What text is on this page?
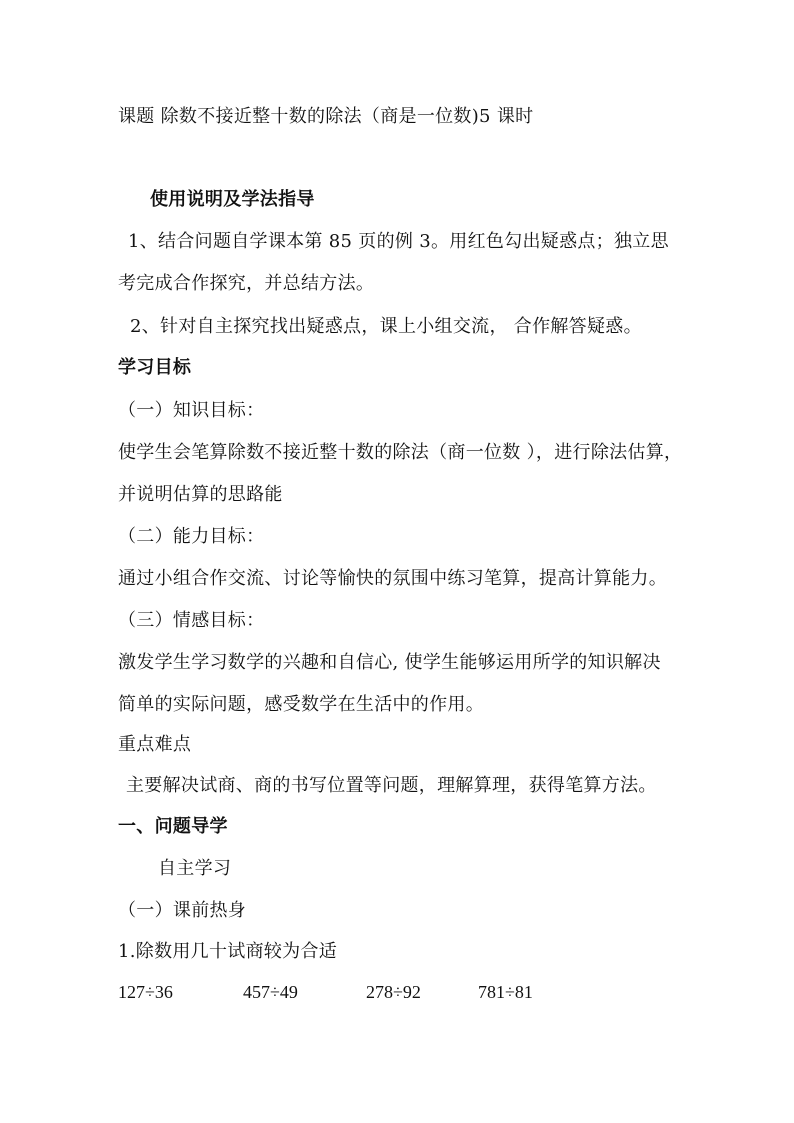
课题 除数不接近整十数的除法（商是一位数)5 课时
使用说明及学法指导
1、结合问题自学课本第 85 页的例 3。用红色勾出疑惑点；独立思
考完成合作探究，并总结方法。
2、针对自主探究找出疑惑点，课上小组交流， 合作解答疑惑。
学习目标
（一）知识目标：
使学生会笔算除数不接近整十数的除法（商一位数 ），进行除法估算，
并说明估算的思路能
（二）能力目标：
通过小组合作交流、讨论等愉快的氛围中练习笔算，提高计算能力。
（三）情感目标：
激发学生学习数学的兴趣和自信心, 使学生能够运用所学的知识解决
简单的实际问题，感受数学在生活中的作用。
重点难点
主要解决试商、商的书写位置等问题，理解算理，获得笔算方法。
一、问题导学
自主学习
（一）课前热身
1.除数用几十试商较为合适
127÷36	457÷49	278÷92	781÷81
